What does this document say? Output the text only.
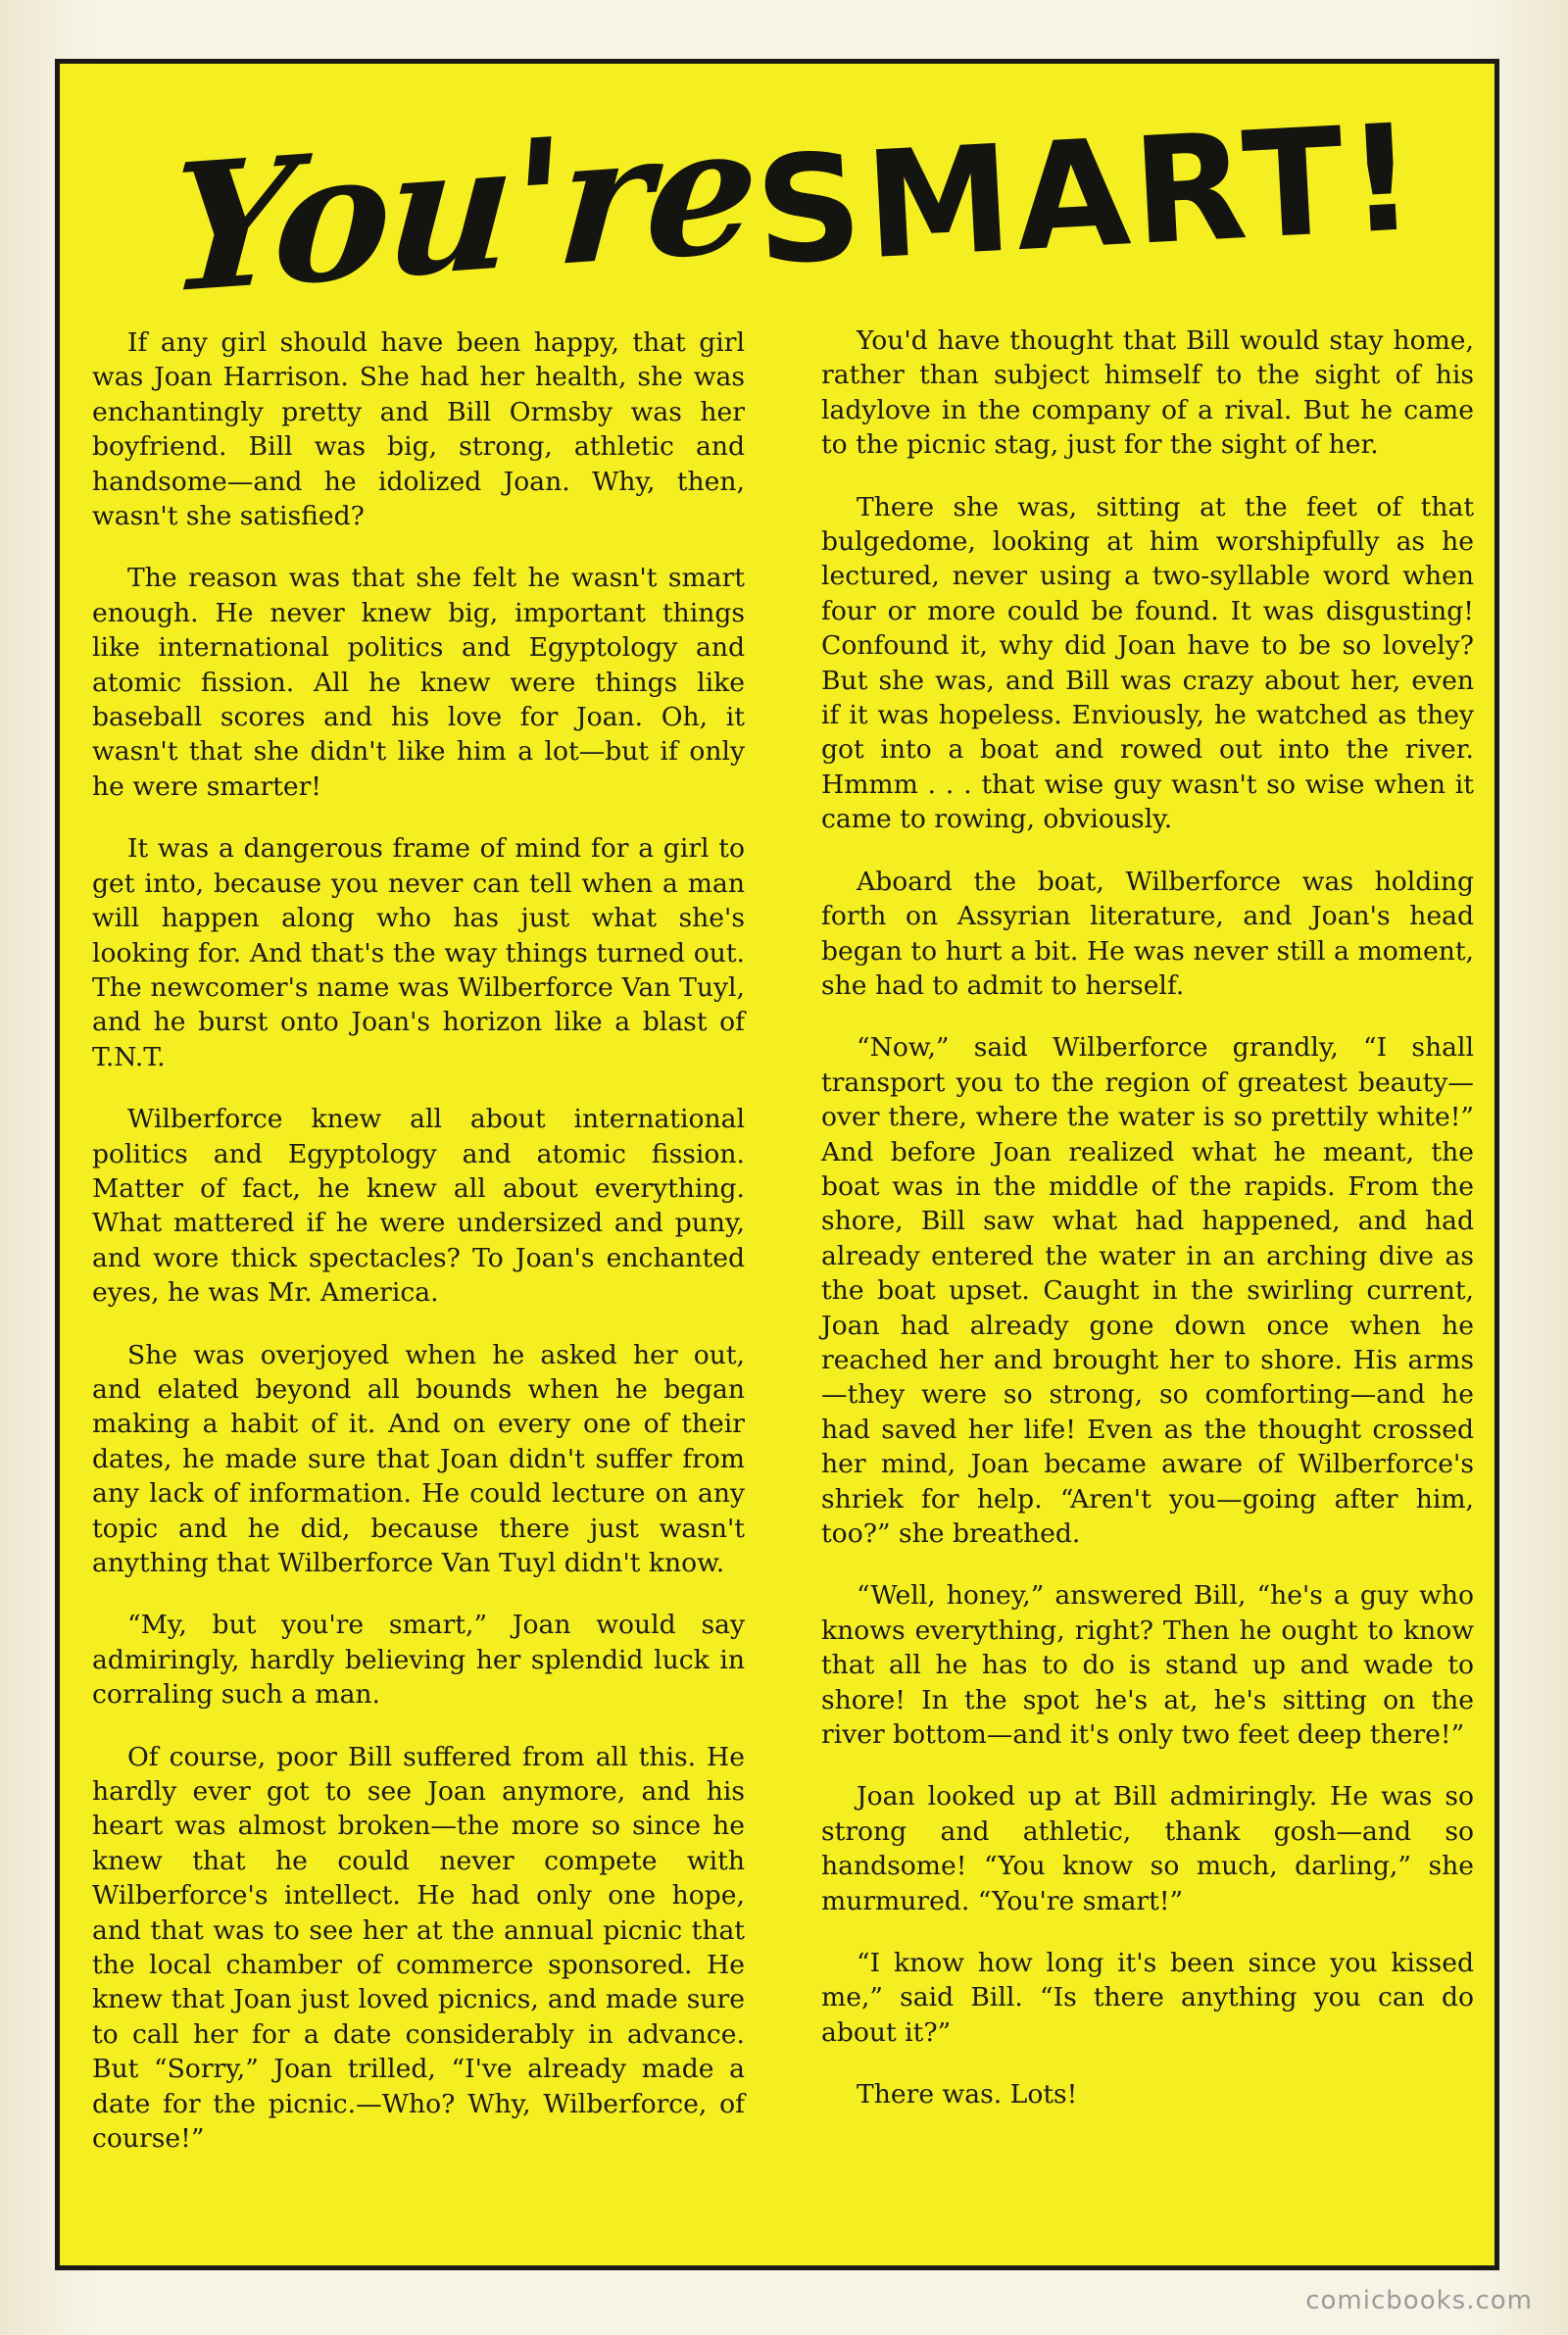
You're
SMART!

If any girl should have been happy, that girl was Joan Harrison. She had her health, she was enchantingly pretty and Bill Ormsby was her boyfriend. Bill was big, strong, athletic and handsome—and he idolized Joan. Why, then, wasn't she satisfied?

The reason was that she felt he wasn't smart enough. He never knew big, important things like international politics and Egyptology and atomic fission. All he knew were things like baseball scores and his love for Joan. Oh, it wasn't that she didn't like him a lot—but if only he were smarter!

It was a dangerous frame of mind for a girl to get into, because you never can tell when a man will happen along who has just what she's looking for. And that's the way things turned out. The newcomer's name was Wilberforce Van Tuyl, and he burst onto Joan's horizon like a blast of T.N.T.

Wilberforce knew all about international politics and Egyptology and atomic fission. Matter of fact, he knew all about everything. What mattered if he were undersized and puny, and wore thick spectacles? To Joan's enchanted eyes, he was Mr. America.

She was overjoyed when he asked her out, and elated beyond all bounds when he began making a habit of it. And on every one of their dates, he made sure that Joan didn't suffer from any lack of information. He could lecture on any topic and he did, because there just wasn't anything that Wilberforce Van Tuyl didn't know.

“My, but you're smart,” Joan would say admiringly, hardly believing her splendid luck in corraling such a man.

Of course, poor Bill suffered from all this. He hardly ever got to see Joan anymore, and his heart was almost broken—the more so since he knew that he could never compete with Wilberforce's intellect. He had only one hope, and that was to see her at the annual picnic that the local chamber of commerce sponsored. He knew that Joan just loved picnics, and made sure to call her for a date considerably in advance. But “Sorry,” Joan trilled, “I've already made a date for the picnic.—Who? Why, Wilberforce, of course!”

You'd have thought that Bill would stay home, rather than subject himself to the sight of his ladylove in the company of a rival. But he came to the picnic stag, just for the sight of her.

There she was, sitting at the feet of that bulgedome, looking at him worshipfully as he lectured, never using a two-syllable word when four or more could be found. It was disgusting! Confound it, why did Joan have to be so lovely? But she was, and Bill was crazy about her, even if it was hopeless. Enviously, he watched as they got into a boat and rowed out into the river. Hmmm . . . that wise guy wasn't so wise when it came to rowing, obviously.

Aboard the boat, Wilberforce was holding forth on Assyrian literature, and Joan's head began to hurt a bit. He was never still a moment, she had to admit to herself.

“Now,” said Wilberforce grandly, “I shall transport you to the region of greatest beauty—over there, where the water is so prettily white!” And before Joan realized what he meant, the boat was in the middle of the rapids. From the shore, Bill saw what had happened, and had already entered the water in an arching dive as the boat upset. Caught in the swirling current, Joan had already gone down once when he reached her and brought her to shore. His arms—they were so strong, so comforting—and he had saved her life! Even as the thought crossed her mind, Joan became aware of Wilberforce's shriek for help. “Aren't you—going after him, too?” she breathed.

“Well, honey,” answered Bill, “he's a guy who knows everything, right? Then he ought to know that all he has to do is stand up and wade to shore! In the spot he's at, he's sitting on the river bottom—and it's only two feet deep there!”

Joan looked up at Bill admiringly. He was so strong and athletic, thank gosh—and so handsome! “You know so much, darling,” she murmured. “You're smart!”

“I know how long it's been since you kissed me,” said Bill. “Is there anything you can do about it?”

There was. Lots!

comicbooks.com
